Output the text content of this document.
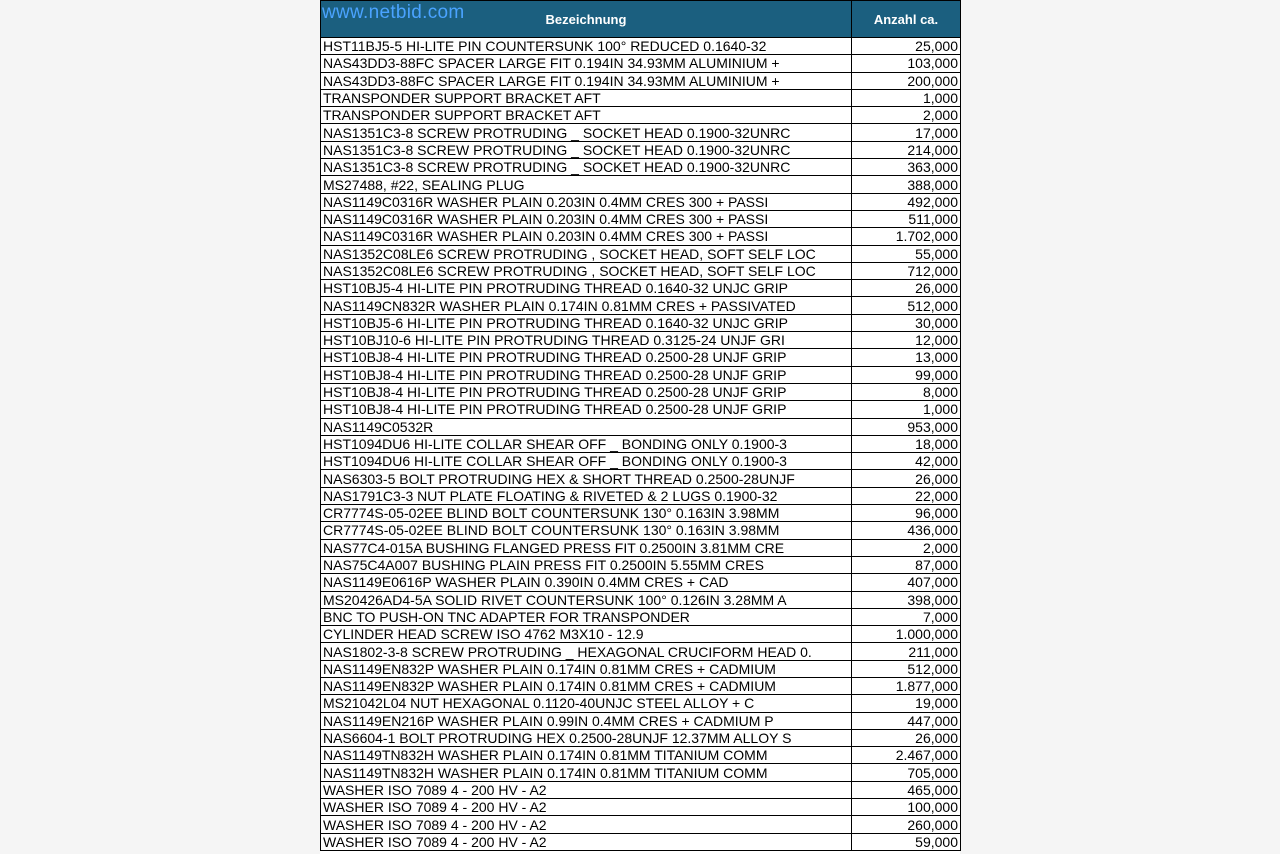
www.netbid.com	Bezeichnung	Anzahl ca.
HST11BJ5-5 HI-LITE PIN COUNTERSUNK 100° REDUCED 0.1640-32	25,000
NAS43DD3-88FC SPACER LARGE FIT 0.194IN 34.93MM ALUMINIUM +	103,000
NAS43DD3-88FC SPACER LARGE FIT 0.194IN 34.93MM ALUMINIUM +	200,000
TRANSPONDER SUPPORT BRACKET AFT	1,000
TRANSPONDER SUPPORT BRACKET AFT	2,000
NAS1351C3-8 SCREW PROTRUDING _ SOCKET HEAD 0.1900-32UNRC	17,000
NAS1351C3-8 SCREW PROTRUDING _ SOCKET HEAD 0.1900-32UNRC	214,000
NAS1351C3-8 SCREW PROTRUDING _ SOCKET HEAD 0.1900-32UNRC	363,000
MS27488, #22, SEALING PLUG	388,000
NAS1149C0316R WASHER PLAIN 0.203IN 0.4MM CRES 300 + PASSI	492,000
NAS1149C0316R WASHER PLAIN 0.203IN 0.4MM CRES 300 + PASSI	511,000
NAS1149C0316R WASHER PLAIN 0.203IN 0.4MM CRES 300 + PASSI	1.702,000
NAS1352C08LE6 SCREW PROTRUDING , SOCKET HEAD, SOFT SELF LOC	55,000
NAS1352C08LE6 SCREW PROTRUDING , SOCKET HEAD, SOFT SELF LOC	712,000
HST10BJ5-4 HI-LITE PIN PROTRUDING THREAD 0.1640-32 UNJC GRIP	26,000
NAS1149CN832R WASHER PLAIN 0.174IN 0.81MM CRES + PASSIVATED	512,000
HST10BJ5-6 HI-LITE PIN PROTRUDING THREAD 0.1640-32 UNJC GRIP	30,000
HST10BJ10-6 HI-LITE PIN PROTRUDING THREAD 0.3125-24 UNJF GRI	12,000
HST10BJ8-4 HI-LITE PIN PROTRUDING THREAD 0.2500-28 UNJF GRIP	13,000
HST10BJ8-4 HI-LITE PIN PROTRUDING THREAD 0.2500-28 UNJF GRIP	99,000
HST10BJ8-4 HI-LITE PIN PROTRUDING THREAD 0.2500-28 UNJF GRIP	8,000
HST10BJ8-4 HI-LITE PIN PROTRUDING THREAD 0.2500-28 UNJF GRIP	1,000
NAS1149C0532R	953,000
HST1094DU6 HI-LITE COLLAR SHEAR OFF _ BONDING ONLY 0.1900-3	18,000
HST1094DU6 HI-LITE COLLAR SHEAR OFF _ BONDING ONLY 0.1900-3	42,000
NAS6303-5 BOLT PROTRUDING HEX & SHORT THREAD 0.2500-28UNJF	26,000
NAS1791C3-3 NUT PLATE FLOATING & RIVETED & 2 LUGS 0.1900-32	22,000
CR7774S-05-02EE BLIND BOLT COUNTERSUNK 130° 0.163IN 3.98MM	96,000
CR7774S-05-02EE BLIND BOLT COUNTERSUNK 130° 0.163IN 3.98MM	436,000
NAS77C4-015A BUSHING FLANGED PRESS FIT 0.2500IN 3.81MM CRE	2,000
NAS75C4A007 BUSHING PLAIN PRESS FIT 0.2500IN 5.55MM CRES	87,000
NAS1149E0616P WASHER PLAIN 0.390IN 0.4MM CRES + CAD	407,000
MS20426AD4-5A SOLID RIVET COUNTERSUNK 100° 0.126IN 3.28MM A	398,000
BNC TO PUSH-ON TNC ADAPTER FOR TRANSPONDER	7,000
CYLINDER HEAD SCREW ISO 4762 M3X10 - 12.9	1.000,000
NAS1802-3-8 SCREW PROTRUDING _ HEXAGONAL CRUCIFORM HEAD 0.	211,000
NAS1149EN832P WASHER PLAIN 0.174IN 0.81MM CRES + CADMIUM	512,000
NAS1149EN832P WASHER PLAIN 0.174IN 0.81MM CRES + CADMIUM	1.877,000
MS21042L04 NUT HEXAGONAL 0.1120-40UNJC STEEL ALLOY + C	19,000
NAS1149EN216P WASHER PLAIN 0.99IN 0.4MM CRES + CADMIUM P	447,000
NAS6604-1 BOLT PROTRUDING HEX 0.2500-28UNJF 12.37MM ALLOY S	26,000
NAS1149TN832H WASHER PLAIN 0.174IN 0.81MM TITANIUM COMM	2.467,000
NAS1149TN832H WASHER PLAIN 0.174IN 0.81MM TITANIUM COMM	705,000
WASHER ISO 7089 4 - 200 HV - A2	465,000
WASHER ISO 7089 4 - 200 HV - A2	100,000
WASHER ISO 7089 4 - 200 HV - A2	260,000
WASHER ISO 7089 4 - 200 HV - A2	59,000
